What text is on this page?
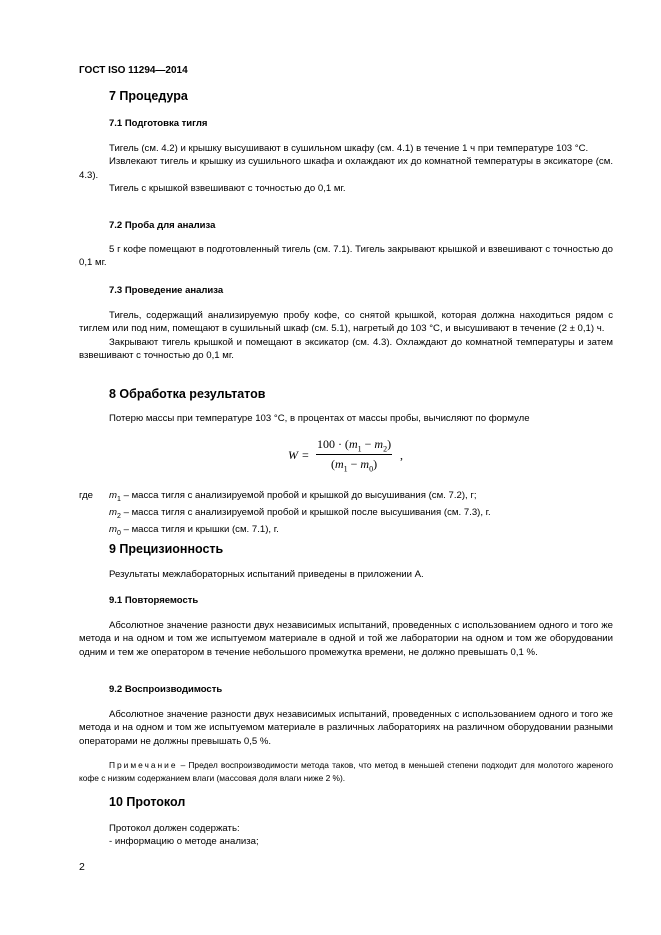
ГОСТ ISO 11294—2014
7 Процедура
7.1 Подготовка тигля

Тигель (см. 4.2) и крышку высушивают в сушильном шкафу (см. 4.1) в течение 1 ч при температуре 103 °С.

Извлекают тигель и крышку из сушильного шкафа и охлаждают их до комнатной температуры в эксикаторе (см. 4.3).

Тигель с крышкой взвешивают с точностью до 0,1 мг.

7.2 Проба для анализа

5 г кофе помещают в подготовленный тигель (см. 7.1). Тигель закрывают крышкой и взвешивают с точностью до 0,1 мг.

7.3 Проведение анализа

Тигель, содержащий анализируемую пробу кофе, со снятой крышкой, которая должна находиться рядом с тиглем или под ним, помещают в сушильный шкаф (см. 5.1), нагретый до 103 °С, и высушивают в течение (2 ± 0,1) ч.

Закрывают тигель крышкой и помещают в эксикатор (см. 4.3). Охлаждают до комнатной температуры и затем взвешивают с точностью до 0,1 мг.

8 Обработка результатов

Потерю массы при температуре 103 °С, в процентах от массы пробы, вычисляют по формуле

W =
$100 \cdot (m_1 - m_2)$
$(m_1 - m_0)$
,
где $m_1$ – масса тигля с анализируемой пробой и крышкой до высушивания (см. 7.2), г;
$m_2$ – масса тигля с анализируемой пробой и крышкой после высушивания (см. 7.3), г.
$m_0$ – масса тигля и крышки (см. 7.1), г.
9 Прецизионность

Результаты межлабораторных испытаний приведены в приложении А.

9.1 Повторяемость

Абсолютное значение разности двух независимых испытаний, проведенных с использованием одного и того же метода и на одном и том же испытуемом материале в одной и той же лаборатории на одном и том же оборудовании одним и тем же оператором в течение небольшого промежутка времени, не должно превышать 0,1 %.

9.2 Воспроизводимость

Абсолютное значение разности двух независимых испытаний, проведенных с использованием одного и того же метода и на одном и том же испытуемом материале в различных лабораториях на различном оборудовании разными операторами не должны превышать 0,5 %.

Примечание – Предел воспроизводимости метода таков, что метод в меньшей степени подходит для молотого жареного кофе с низким содержанием влаги (массовая доля влаги ниже 2 %).

10 Протокол
Протокол должен содержать:
- информацию о методе анализа;
2
